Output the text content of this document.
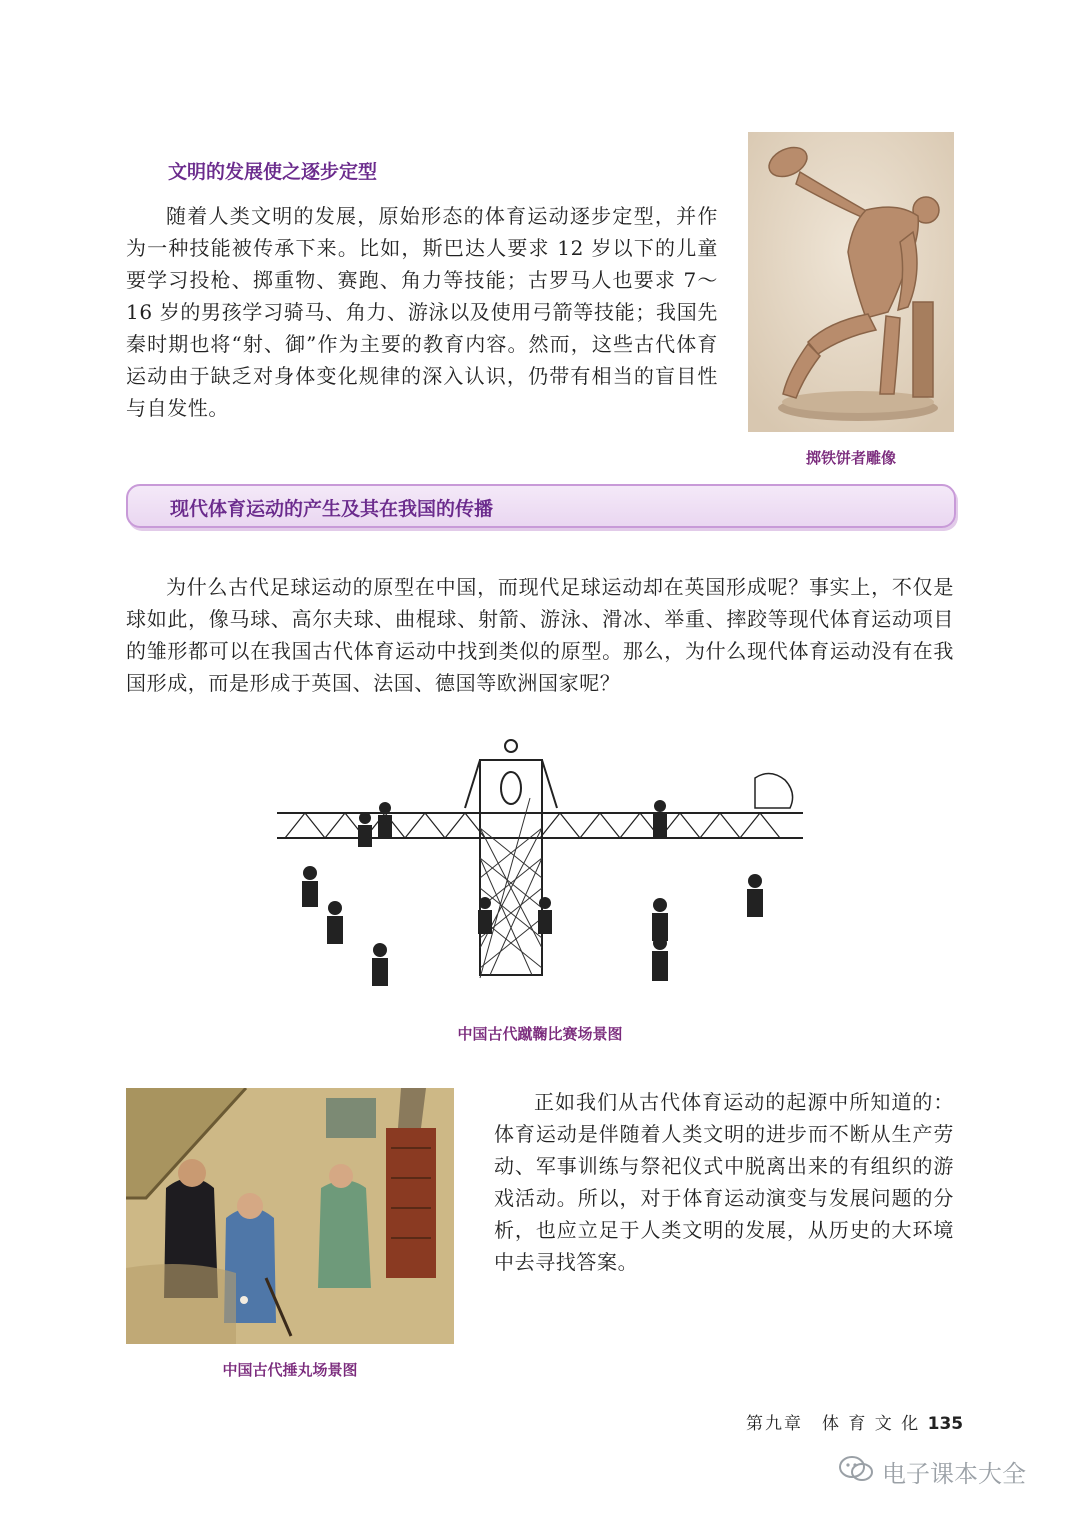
文明的发展使之逐步定型

随着人类文明的发展，原始形态的体育运动逐步定型，并作为一种技能被传承下来。比如，斯巴达人要求 12 岁以下的儿童要学习投枪、掷重物、赛跑、角力等技能；古罗马人也要求 7～16 岁的男孩学习骑马、角力、游泳以及使用弓箭等技能；我国先秦时期也将“射、御”作为主要的教育内容。然而，这些古代体育运动由于缺乏对身体变化规律的深入认识，仍带有相当的盲目性与自发性。

掷铁饼者雕像
现代体育运动的产生及其在我国的传播

为什么古代足球运动的原型在中国，而现代足球运动却在英国形成呢？事实上，不仅是球如此，像马球、高尔夫球、曲棍球、射箭、游泳、滑冰、举重、摔跤等现代体育运动项目的雏形都可以在我国古代体育运动中找到类似的原型。那么，为什么现代体育运动没有在我国形成，而是形成于英国、法国、德国等欧洲国家呢？

中国古代蹴鞠比赛场景图
中国古代捶丸场景图

正如我们从古代体育运动的起源中所知道的：体育运动是伴随着人类文明的进步而不断从生产劳动、军事训练与祭祀仪式中脱离出来的有组织的游戏活动。所以，对于体育运动演变与发展问题的分析，也应立足于人类文明的发展，从历史的大环境中去寻找答案。

第九章　体 育 文 化 135
电子课本大全
